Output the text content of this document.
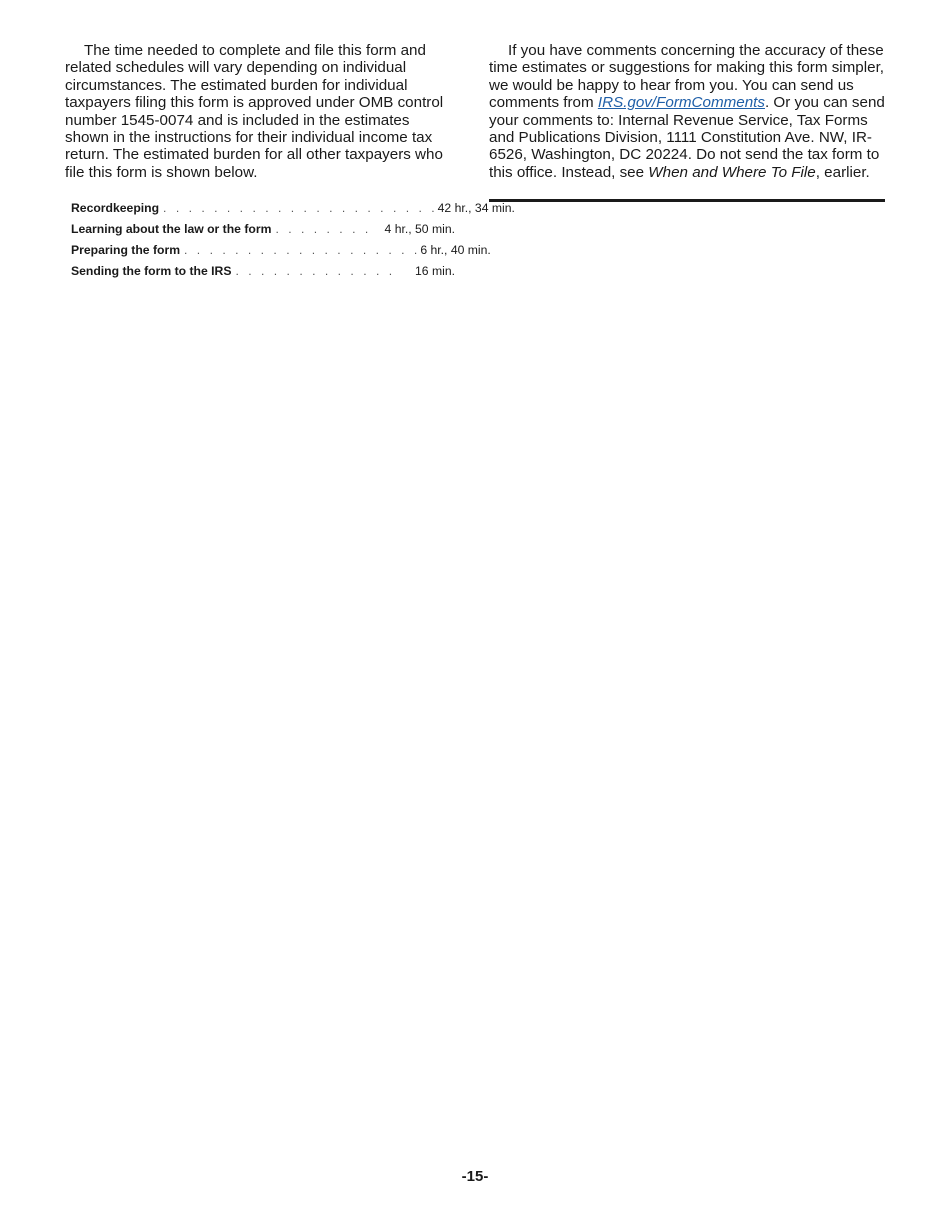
The time needed to complete and file this form and related schedules will vary depending on individual circumstances. The estimated burden for individual taxpayers filing this form is approved under OMB control number 1545-0074 and is included in the estimates shown in the instructions for their individual income tax return. The estimated burden for all other taxpayers who file this form is shown below.

Recordkeeping . . . . . . . . . . . . . . . . . . . . . . 42 hr., 34 min.
Learning about the law or the form . . . . . . . .	4 hr., 50 min.
Preparing the form . . . . . . . . . . . . . . . . . . . 6 hr., 40 min.
Sending the form to the IRS . . . . . . . . . . . . .	16 min.

If you have comments concerning the accuracy of these time estimates or suggestions for making this form simpler, we would be happy to hear from you. You can send us comments from IRS.gov/FormComments. Or you can send your comments to: Internal Revenue Service, Tax Forms and Publications Division, 1111 Constitution Ave. NW, IR-6526, Washington, DC 20224. Do not send the tax form to this office. Instead, see When and Where To File, earlier.

-15-
